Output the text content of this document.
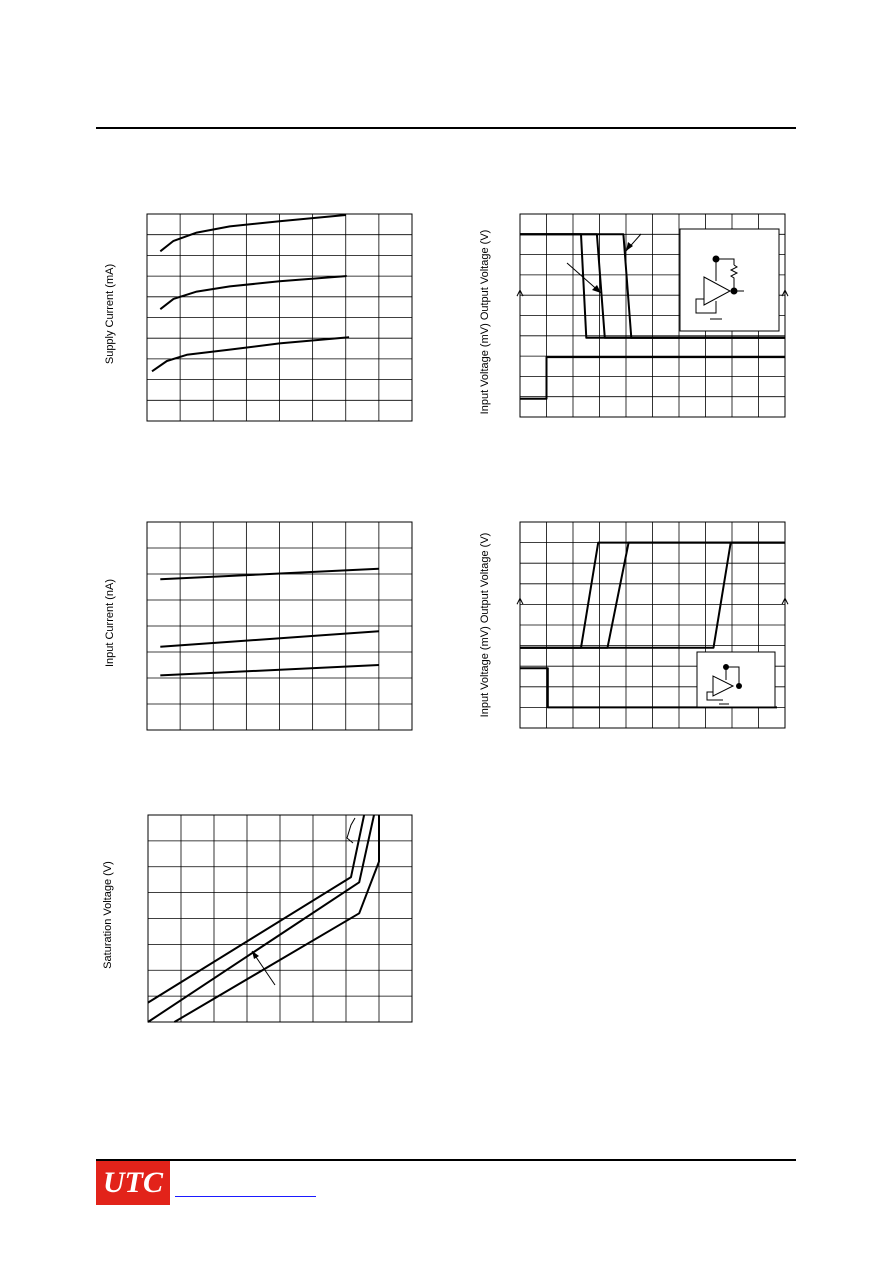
Supply Current (mA)	Input Voltage (mV) Output Voltage (V)
Input Current (nA)	Input Voltage (mV) Output Voltage (V)
Saturation Voltage (V)
UTC
